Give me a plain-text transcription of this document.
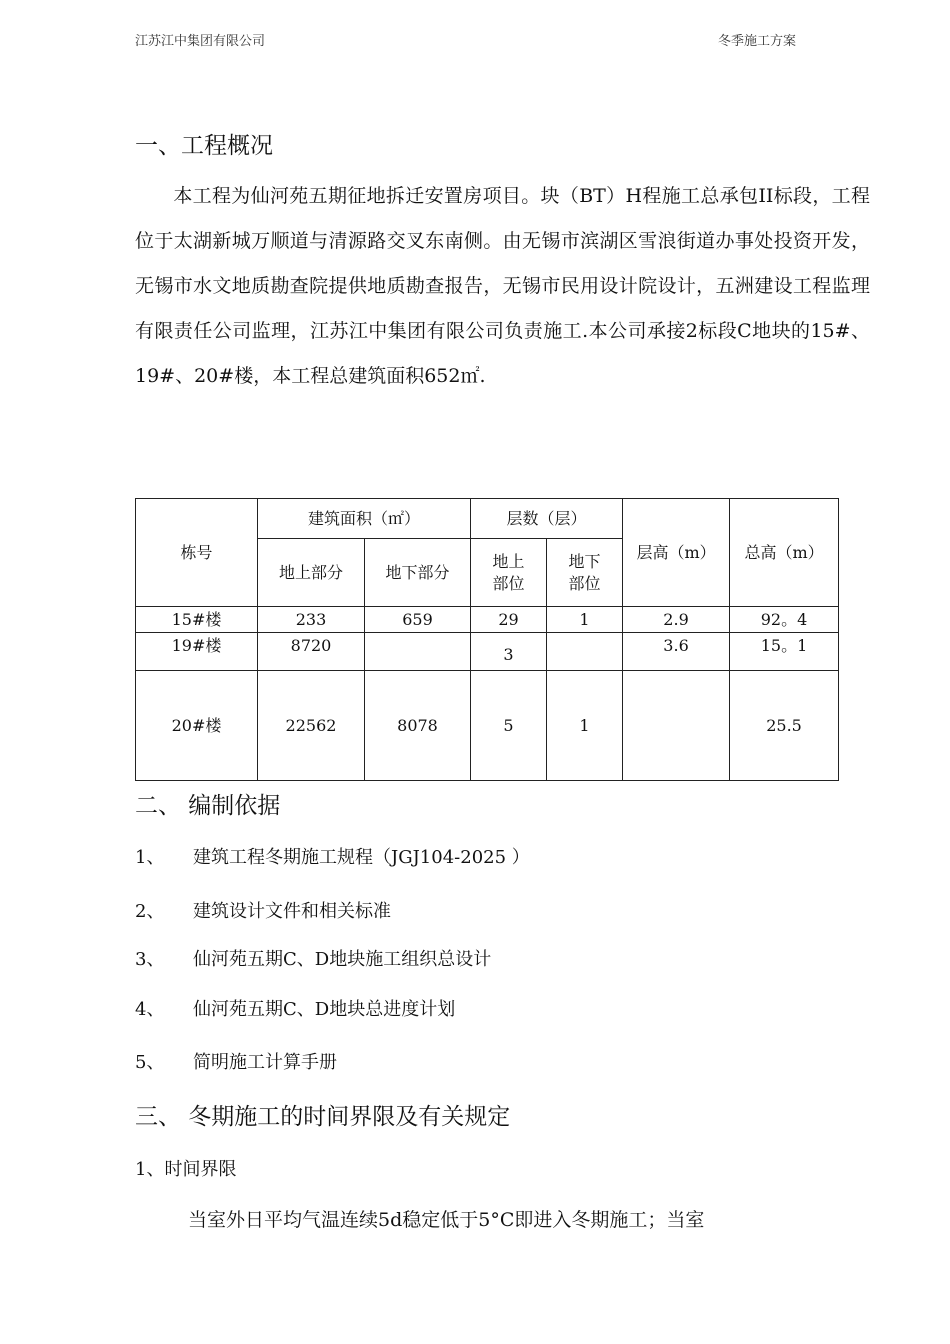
江苏江中集团有限公司	冬季施工方案
一、工程概况
本工程为仙河苑五期征地拆迁安置房项目。块（BT）H程施工总承包II标段，工程位于太湖新城万顺道与清源路交叉东南侧。由无锡市滨湖区雪浪街道办事处投资开发，无锡市水文地质勘查院提供地质勘查报告，无锡市民用设计院设计，五洲建设工程监理有限责任公司监理，江苏江中集团有限公司负责施工.本公司承接2标段C地块的15#、19#、20#楼，本工程总建筑面积652㎡.
栋号	建筑面积（㎡）		层数（层）		层高（m）	总高（m）
	地上部分	地下部分	地上部位	地下部位		
15#楼	233	659	29	1	2.9	92。4
19#楼	8720		3		3.6	15。1
20#楼	22562	8078	5	1		25.5
二、 编制依据
1、 建筑工程冬期施工规程（JGJ104-2025 ）
2、 建筑设计文件和相关标准
3、 仙河苑五期C、D地块施工组织总设计
4、 仙河苑五期C、D地块总进度计划
5、 简明施工计算手册
三、 冬期施工的时间界限及有关规定
1、时间界限
当室外日平均气温连续5d稳定低于5°C即进入冬期施工；当室
